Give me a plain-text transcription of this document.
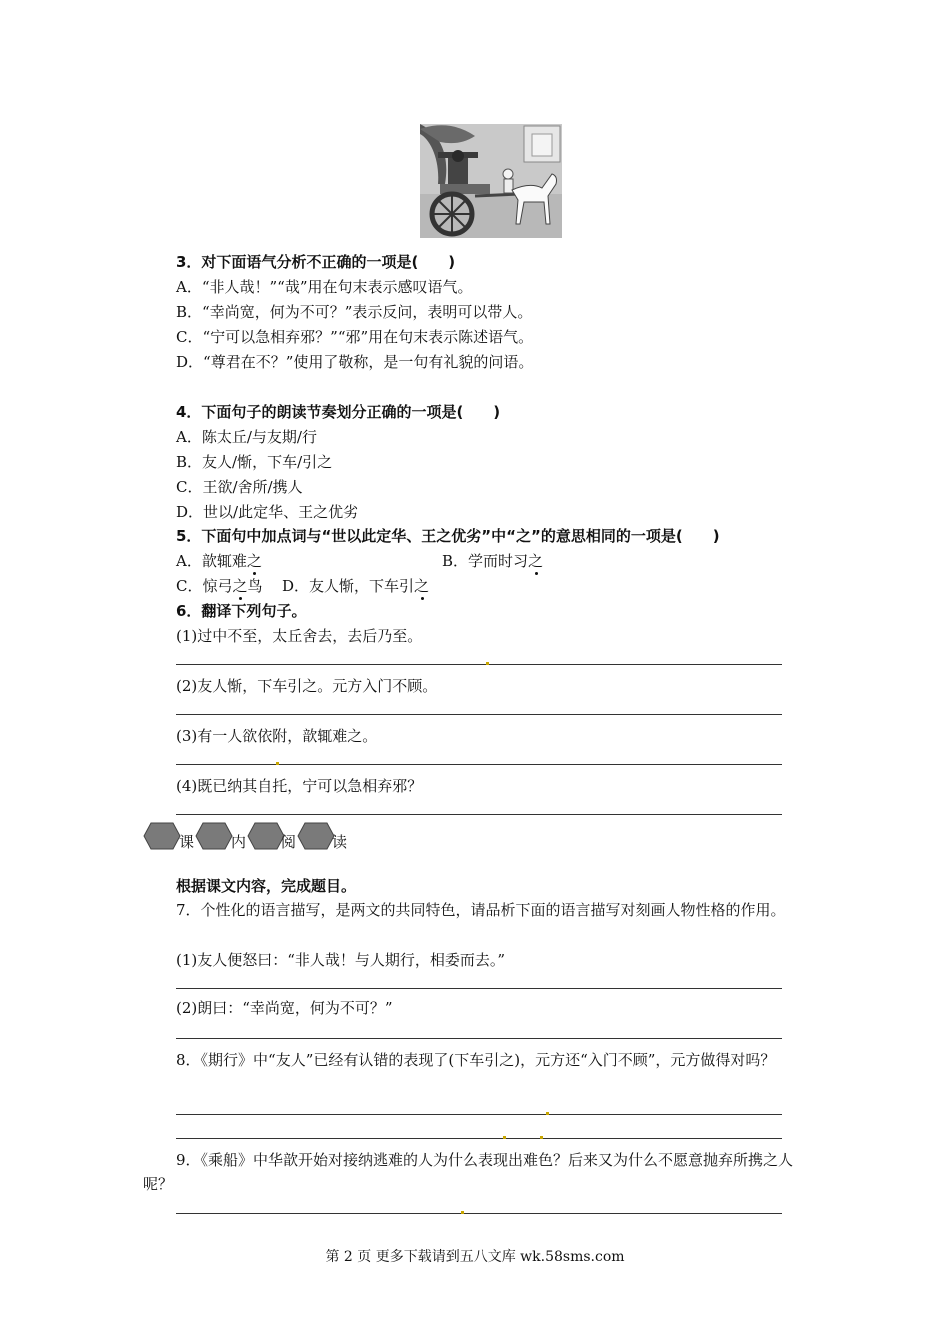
3．对下面语气分析不正确的一项是(　　)
A．“非人哉！”“哉”用在句末表示感叹语气。
B．“幸尚宽，何为不可？”表示反问，表明可以带人。
C．“宁可以急相弃邪？”“邪”用在句末表示陈述语气。
D．“尊君在不？”使用了敬称，是一句有礼貌的问语。
4．下面句子的朗读节奏划分正确的一项是(　　)
A．陈太丘/与友期/行
B．友人/惭，下车/引之
C．王欲/舍所/携人
D．世以/此定华、王之优劣
5．下面句中加点词与“世以此定华、王之优劣”中“之”的意思相同的一项是(　　)
A．歆辄难之	B．学而时习之
C．惊弓之鸟 D．友人惭，下车引之
6．翻译下列句子。
(1)过中不至，太丘舍去，去后乃至。
(2)友人惭，下车引之。元方入门不顾。
(3)有一人欲依附，歆辄难之。
(4)既已纳其自托，宁可以急相弃邪？
课 内 阅 读
根据课文内容，完成题目。
7．个性化的语言描写，是两文的共同特色，请品析下面的语言描写对刻画人物性格的作用。
(1)友人便怒曰：“非人哉！与人期行，相委而去。”
(2)朗曰：“幸尚宽，何为不可？”
8．《期行》中“友人”已经有认错的表现了(下车引之)，元方还“入门不顾”，元方做得对吗？
9．《乘船》中华歆开始对接纳逃难的人为什么表现出难色？后来又为什么不愿意抛弃所携之人呢？
第 2 页 更多下载请到五八文库 wk.58sms.com
